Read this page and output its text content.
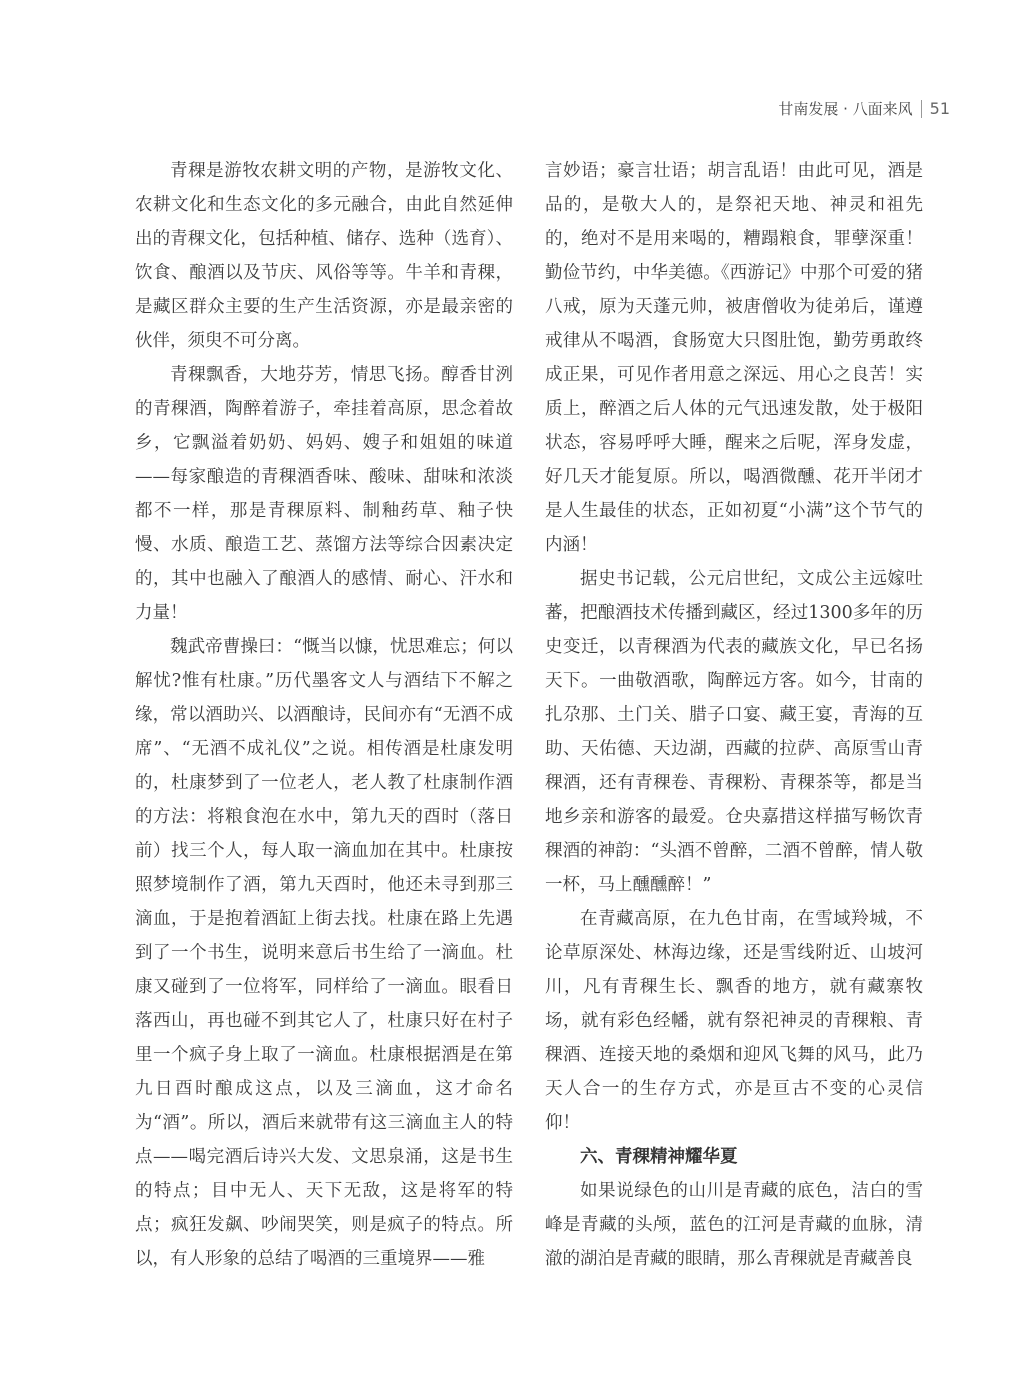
甘南发展 · 八面来风 51

青稞是游牧农耕文明的产物，是游牧文化、农耕文化和生态文化的多元融合，由此自然延伸出的青稞文化，包括种植、储存、选种（选育）、饮食、酿酒以及节庆、风俗等等。牛羊和青稞，是藏区群众主要的生产生活资源，亦是最亲密的伙伴，须臾不可分离。

青稞飘香，大地芬芳，情思飞扬。醇香甘洌的青稞酒，陶醉着游子，牵挂着高原，思念着故乡，它飘溢着奶奶、妈妈、嫂子和姐姐的味道——每家酿造的青稞酒香味、酸味、甜味和浓淡都不一样，那是青稞原料、制釉药草、釉子快慢、水质、酿造工艺、蒸馏方法等综合因素决定的，其中也融入了酿酒人的感情、耐心、汗水和力量！

魏武帝曹操曰：“慨当以慷，忧思难忘；何以解忧?惟有杜康。”历代墨客文人与酒结下不解之缘，常以酒助兴、以酒酿诗，民间亦有“无酒不成席”、“无酒不成礼仪”之说。相传酒是杜康发明的，杜康梦到了一位老人，老人教了杜康制作酒的方法：将粮食泡在水中，第九天的酉时（落日前）找三个人，每人取一滴血加在其中。杜康按照梦境制作了酒，第九天酉时，他还未寻到那三滴血，于是抱着酒缸上街去找。杜康在路上先遇到了一个书生，说明来意后书生给了一滴血。杜康又碰到了一位将军，同样给了一滴血。眼看日落西山，再也碰不到其它人了，杜康只好在村子里一个疯子身上取了一滴血。杜康根据酒是在第九日酉时酿成这点，以及三滴血，这才命名为“酒”。所以，酒后来就带有这三滴血主人的特点——喝完酒后诗兴大发、文思泉涌，这是书生的特点；目中无人、天下无敌，这是将军的特点；疯狂发飙、吵闹哭笑，则是疯子的特点。所以，有人形象的总结了喝酒的三重境界——雅

言妙语；豪言壮语；胡言乱语！由此可见，酒是品的，是敬大人的，是祭祀天地、神灵和祖先的，绝对不是用来喝的，糟蹋粮食，罪孽深重！勤俭节约，中华美德。《西游记》中那个可爱的猪八戒，原为天蓬元帅，被唐僧收为徒弟后，谨遵戒律从不喝酒，食肠宽大只图肚饱，勤劳勇敢终成正果，可见作者用意之深远、用心之良苦！实质上，醉酒之后人体的元气迅速发散，处于极阳状态，容易呼呼大睡，醒来之后呢，浑身发虚，好几天才能复原。所以，喝酒微醺、花开半闭才是人生最佳的状态，正如初夏“小满”这个节气的内涵！

据史书记载，公元启世纪，文成公主远嫁吐蕃，把酿酒技术传播到藏区，经过1300多年的历史变迁，以青稞酒为代表的藏族文化，早已名扬天下。一曲敬酒歌，陶醉远方客。如今，甘南的扎尕那、土门关、腊子口宴、藏王宴，青海的互助、天佑德、天边湖，西藏的拉萨、高原雪山青稞酒，还有青稞卷、青稞粉、青稞茶等，都是当地乡亲和游客的最爱。仓央嘉措这样描写畅饮青稞酒的神韵：“头酒不曾醉，二酒不曾醉，情人敬一杯，马上醺醺醉！”

在青藏高原，在九色甘南，在雪域羚城，不论草原深处、林海边缘，还是雪线附近、山坡河川，凡有青稞生长、飘香的地方，就有藏寨牧场，就有彩色经幡，就有祭祀神灵的青稞粮、青稞酒、连接天地的桑烟和迎风飞舞的风马，此乃天人合一的生存方式，亦是亘古不变的心灵信仰！

六、青稞精神耀华夏

如果说绿色的山川是青藏的底色，洁白的雪峰是青藏的头颅，蓝色的江河是青藏的血脉，清澈的湖泊是青藏的眼睛，那么青稞就是青藏善良
